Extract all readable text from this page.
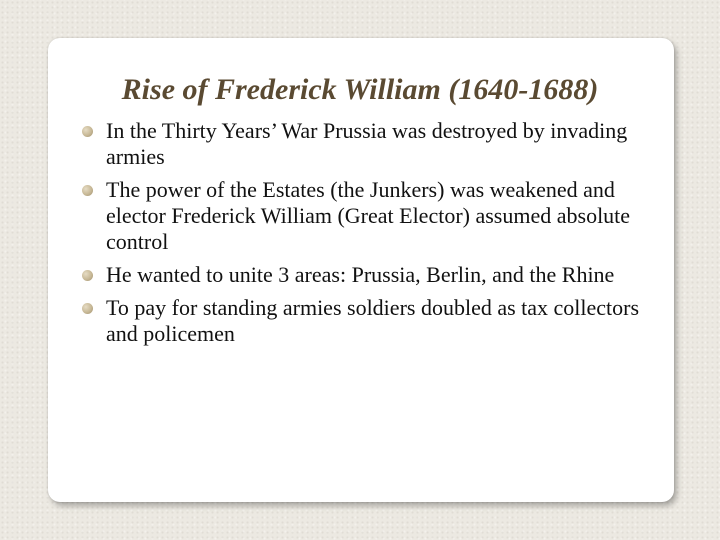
Rise of Frederick William (1640-1688)
In the Thirty Years’ War Prussia was destroyed by invading armies
The power of the Estates (the Junkers) was weakened and elector Frederick William (Great Elector) assumed absolute control
He wanted to unite 3 areas: Prussia, Berlin, and the Rhine
To pay for standing armies soldiers doubled as tax collectors and policemen
